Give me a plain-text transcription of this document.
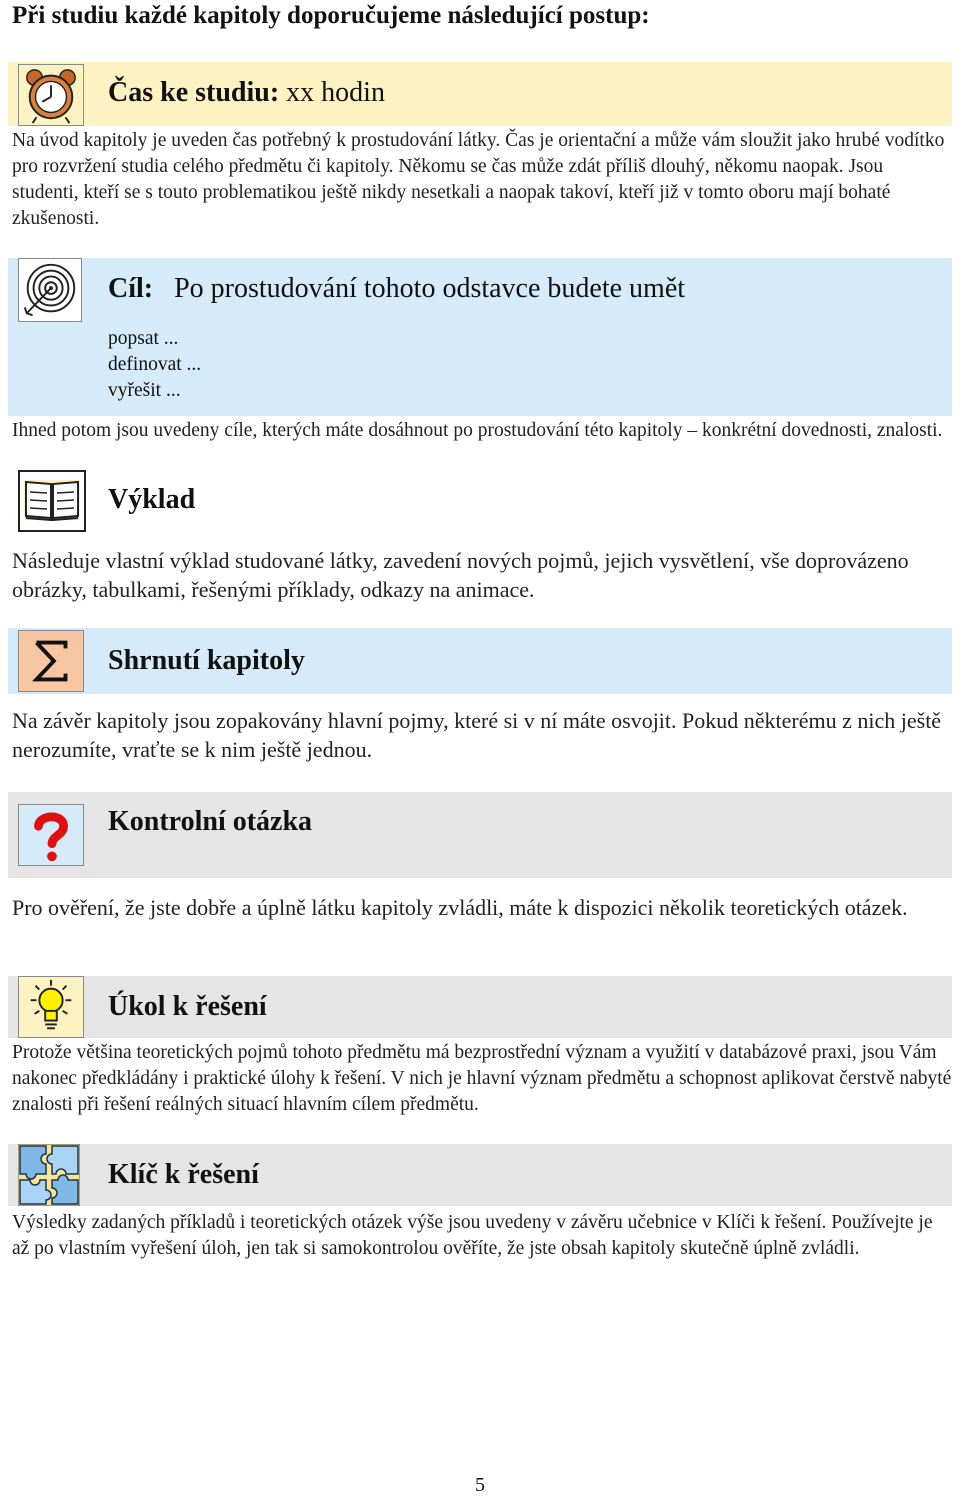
Při studiu každé kapitoly doporučujeme následující postup:
Čas ke studiu: xx hodin
Na úvod kapitoly je uveden čas potřebný k prostudování látky. Čas je orientační a může vám sloužit jako hrubé vodítko pro rozvržení studia celého předmětu či kapitoly. Někomu se čas může zdát příliš dlouhý, někomu naopak. Jsou studenti, kteří se s touto problematikou ještě nikdy nesetkali a naopak takoví, kteří již v tomto oboru mají bohaté zkušenosti.
Cíl: Po prostudování tohoto odstavce budete umět
popsat ...
definovat ...
vyřešit ...
Ihned potom jsou uvedeny cíle, kterých máte dosáhnout po prostudování této kapitoly – konkrétní dovednosti, znalosti.
Výklad
Následuje vlastní výklad studované látky, zavedení nových pojmů, jejich vysvětlení, vše doprovázeno obrázky, tabulkami, řešenými příklady, odkazy na animace.
Shrnutí kapitoly
Na závěr kapitoly jsou zopakovány hlavní pojmy, které si v ní máte osvojit. Pokud některému z nich ještě nerozumíte, vraťte se k nim ještě jednou.
Kontrolní otázka
Pro ověření, že jste dobře a úplně látku kapitoly zvládli, máte k dispozici několik teoretických otázek.
Úkol k řešení
Protože většina teoretických pojmů tohoto předmětu má bezprostřední význam a využití v databázové praxi, jsou Vám nakonec předkládány i praktické úlohy k řešení. V nich je hlavní význam předmětu a schopnost aplikovat čerstvě nabyté znalosti při řešení reálných situací hlavním cílem předmětu.
Klíč k řešení
Výsledky zadaných příkladů i teoretických otázek výše jsou uvedeny v závěru učebnice v Klíči k řešení. Používejte je až po vlastním vyřešení úloh, jen tak si samokontrolou ověříte, že jste obsah kapitoly skutečně úplně zvládli.
5
